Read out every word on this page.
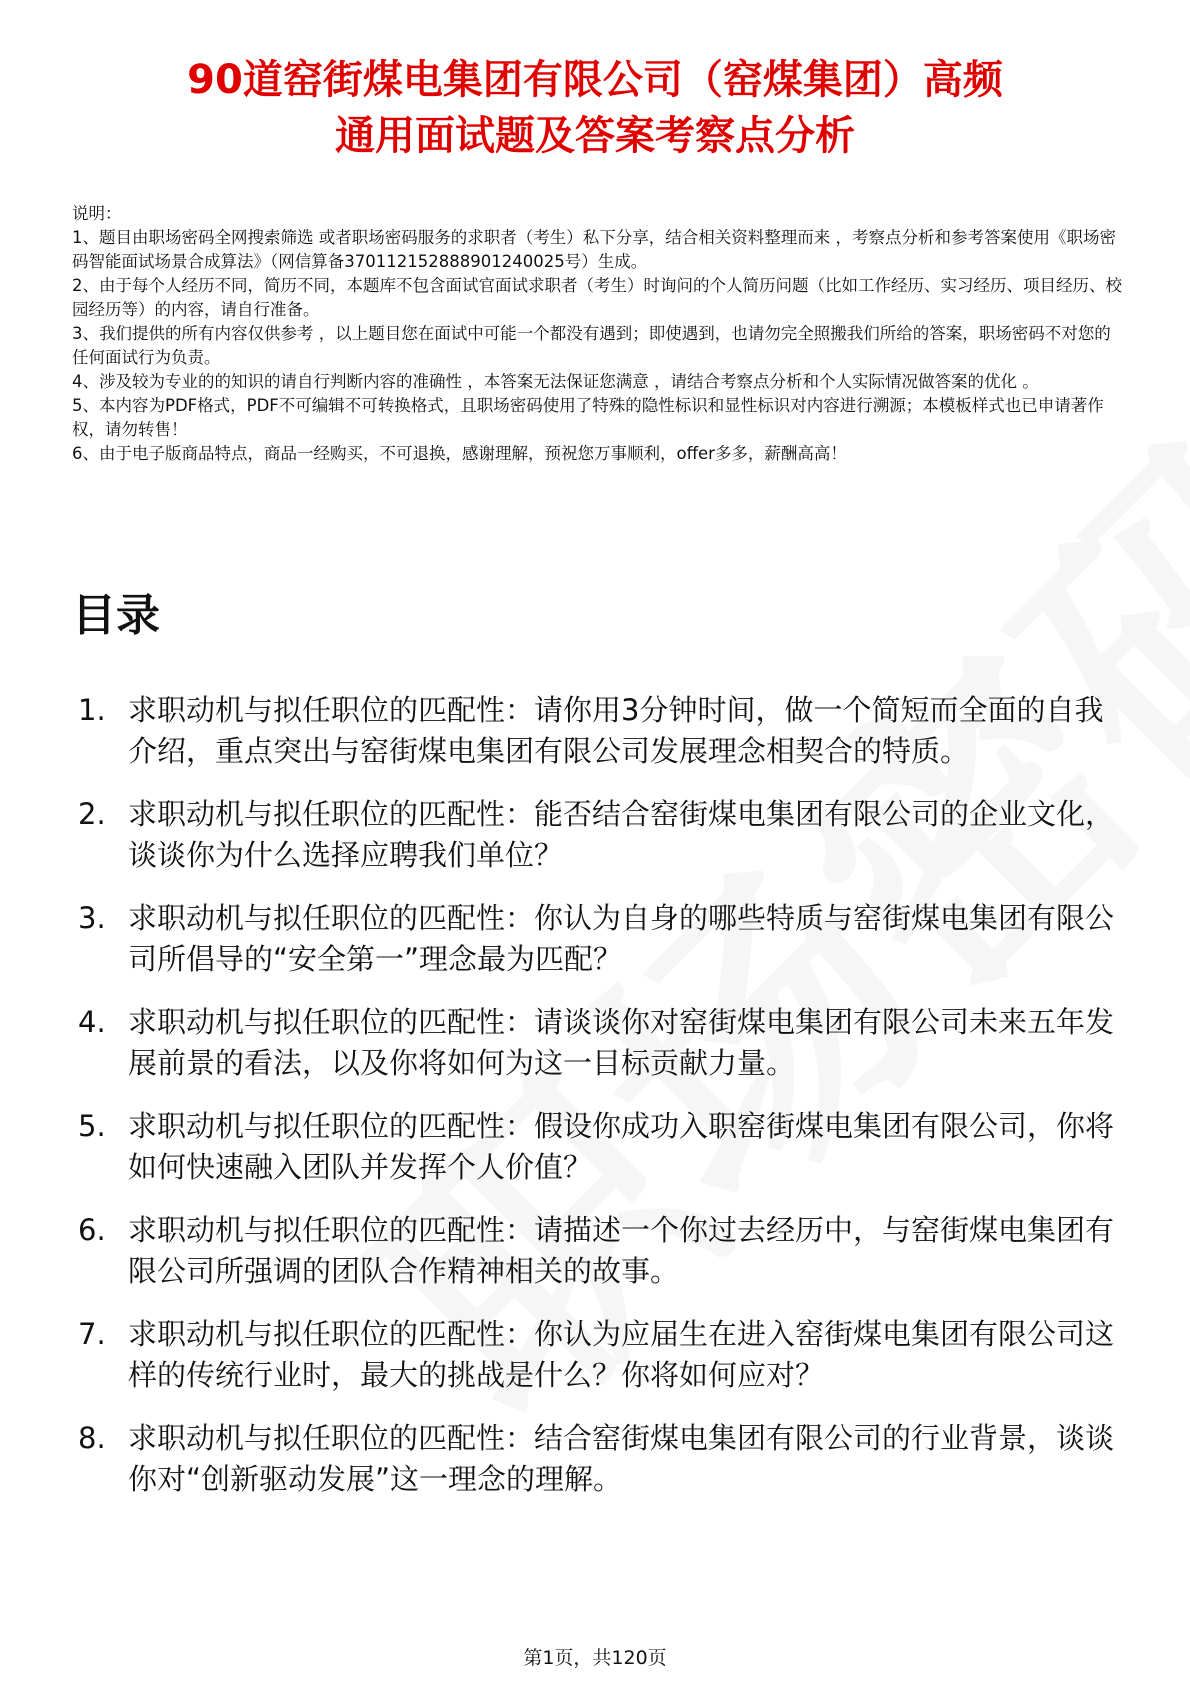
90道窑街煤电集团有限公司（窑煤集团）高频
通用面试题及答案考察点分析

说明：

1、题目由职场密码全网搜索筛选 或者职场密码服务的求职者（考生）私下分享，结合相关资料整理而来 ，考察点分析和参考答案使用《职场密码智能面试场景合成算法》（网信算备370112152888901240025号）生成。

2、由于每个人经历不同，简历不同，本题库不包含面试官面试求职者（考生）时询问的个人简历问题（比如工作经历、实习经历、项目经历、校园经历等）的内容，请自行准备。

3、我们提供的所有内容仅供参考 ，以上题目您在面试中可能一个都没有遇到；即使遇到，也请勿完全照搬我们所给的答案，职场密码不对您的任何面试行为负责。

4、涉及较为专业的的知识的请自行判断内容的准确性 ，本答案无法保证您满意 ，请结合考察点分析和个人实际情况做答案的优化 。

5、本内容为PDF格式，PDF不可编辑不可转换格式，且职场密码使用了特殊的隐性标识和显性标识对内容进行溯源；本模板样式也已申请著作权，请勿转售！

6、由于电子版商品特点，商品一经购买，不可退换，感谢理解，预祝您万事顺利，offer多多，薪酬高高！

目录
1. 求职动机与拟任职位的匹配性：请你用3分钟时间，做一个简短而全面的自我介绍，重点突出与窑街煤电集团有限公司发展理念相契合的特质。
2. 求职动机与拟任职位的匹配性：能否结合窑街煤电集团有限公司的企业文化，谈谈你为什么选择应聘我们单位？
3. 求职动机与拟任职位的匹配性：你认为自身的哪些特质与窑街煤电集团有限公司所倡导的“安全第一”理念最为匹配？
4. 求职动机与拟任职位的匹配性：请谈谈你对窑街煤电集团有限公司未来五年发展前景的看法，以及你将如何为这一目标贡献力量。
5. 求职动机与拟任职位的匹配性：假设你成功入职窑街煤电集团有限公司，你将如何快速融入团队并发挥个人价值？
6. 求职动机与拟任职位的匹配性：请描述一个你过去经历中，与窑街煤电集团有限公司所强调的团队合作精神相关的故事。
7. 求职动机与拟任职位的匹配性：你认为应届生在进入窑街煤电集团有限公司这样的传统行业时，最大的挑战是什么？你将如何应对？
8. 求职动机与拟任职位的匹配性：结合窑街煤电集团有限公司的行业背景，谈谈你对“创新驱动发展”这一理念的理解。
第1页，共120页
